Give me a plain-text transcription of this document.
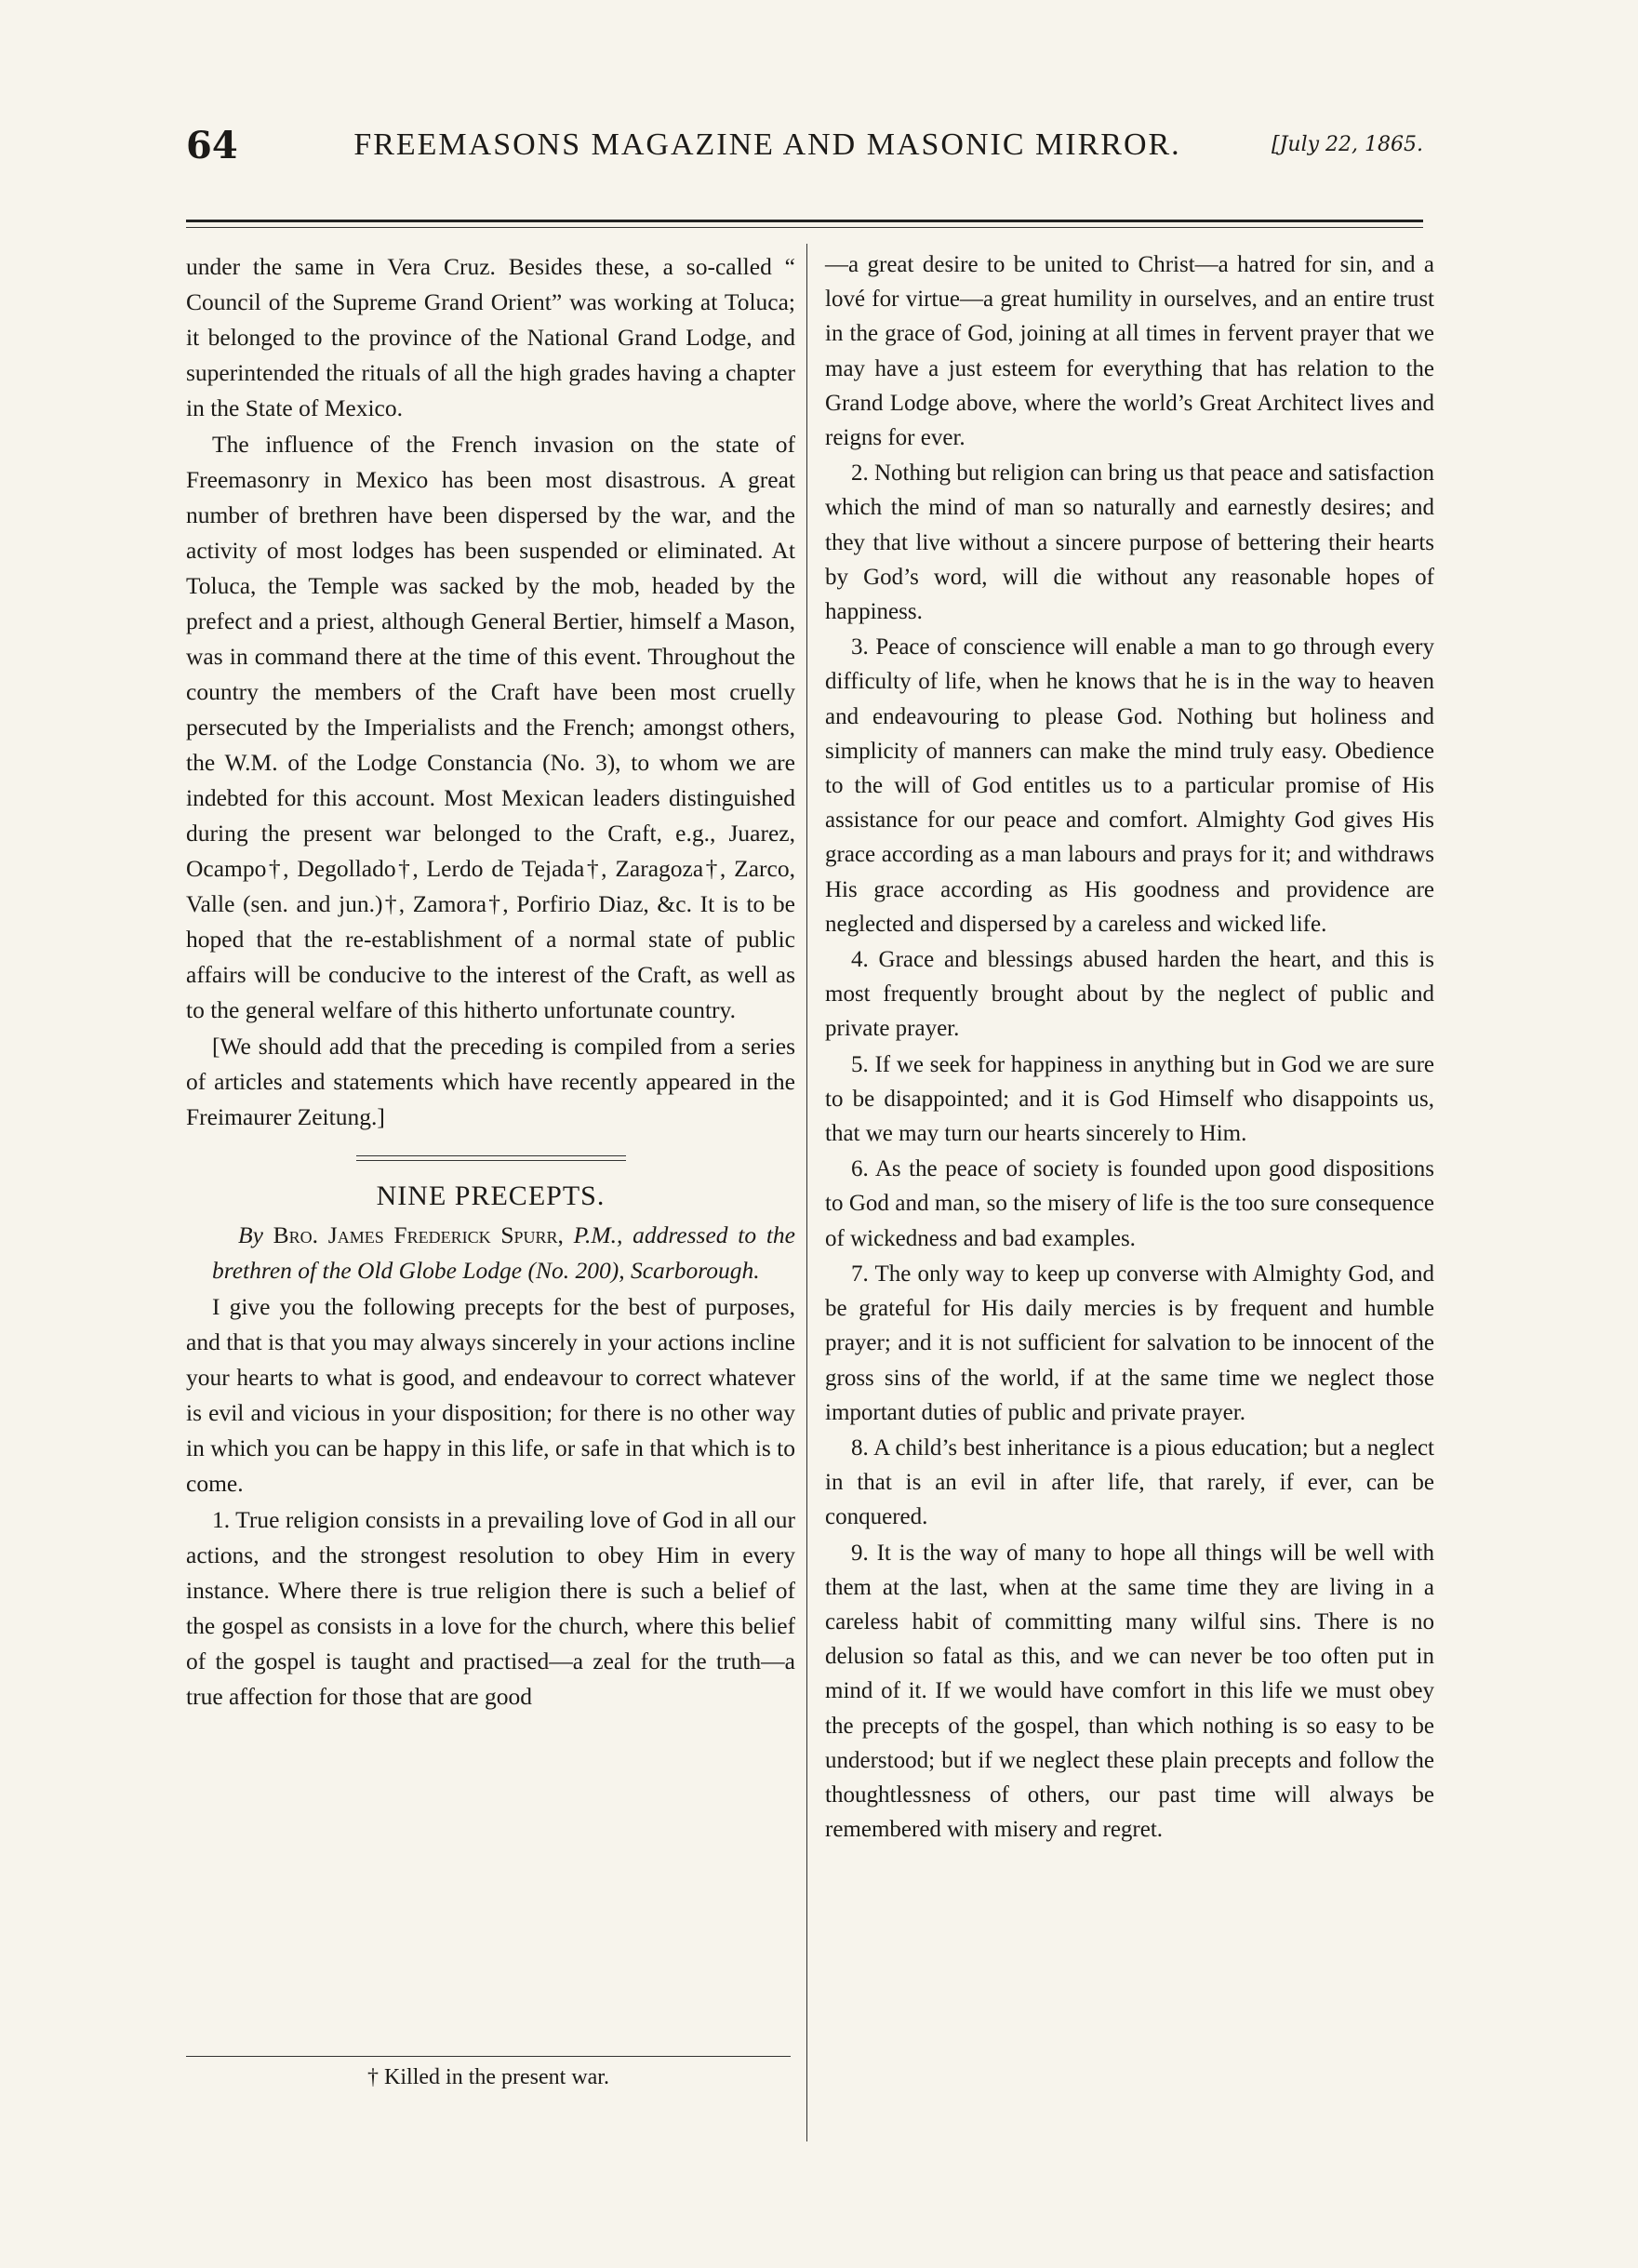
64	FREEMASONS MAGAZINE AND MASONIC MIRROR.	[July 22, 1865.

under the same in Vera Cruz. Besides these, a so-called “ Council of the Supreme Grand Orient” was working at Toluca; it belonged to the province of the National Grand Lodge, and superintended the rituals of all the high grades having a chapter in the State of Mexico.

The influence of the French invasion on the state of Freemasonry in Mexico has been most disastrous. A great number of brethren have been dispersed by the war, and the activity of most lodges has been suspended or eliminated. At Toluca, the Temple was sacked by the mob, headed by the prefect and a priest, although General Bertier, himself a Mason, was in command there at the time of this event. Throughout the country the members of the Craft have been most cruelly persecuted by the Imperialists and the French; amongst others, the W.M. of the Lodge Constancia (No. 3), to whom we are indebted for this account. Most Mexican leaders distinguished during the present war belonged to the Craft, e.g., Juarez, Ocampo†, Degollado†, Lerdo de Tejada†, Zaragoza†, Zarco, Valle (sen. and jun.)†, Zamora†, Porfirio Diaz, &c. It is to be hoped that the re-establishment of a normal state of public affairs will be conducive to the interest of the Craft, as well as to the general welfare of this hitherto unfortunate country.

[We should add that the preceding is compiled from a series of articles and statements which have recently appeared in the Freimaurer Zeitung.]

NINE PRECEPTS.

By Bro. James Frederick Spurr, P.M., addressed to the brethren of the Old Globe Lodge (No. 200), Scarborough.

I give you the following precepts for the best of purposes, and that is that you may always sincerely in your actions incline your hearts to what is good, and endeavour to correct whatever is evil and vicious in your disposition; for there is no other way in which you can be happy in this life, or safe in that which is to come.

1. True religion consists in a prevailing love of God in all our actions, and the strongest resolution to obey Him in every instance. Where there is true religion there is such a belief of the gospel as consists in a love for the church, where this belief of the gospel is taught and practised—a zeal for the truth—a true affection for those that are good

† Killed in the present war.

—a great desire to be united to Christ—a hatred for sin, and a lové for virtue—a great humility in ourselves, and an entire trust in the grace of God, joining at all times in fervent prayer that we may have a just esteem for everything that has relation to the Grand Lodge above, where the world’s Great Architect lives and reigns for ever.

2. Nothing but religion can bring us that peace and satisfaction which the mind of man so naturally and earnestly desires; and they that live without a sincere purpose of bettering their hearts by God’s word, will die without any reasonable hopes of happiness.

3. Peace of conscience will enable a man to go through every difficulty of life, when he knows that he is in the way to heaven and endeavouring to please God. Nothing but holiness and simplicity of manners can make the mind truly easy. Obedience to the will of God entitles us to a particular promise of His assistance for our peace and comfort. Almighty God gives His grace according as a man labours and prays for it; and withdraws His grace according as His goodness and providence are neglected and dispersed by a careless and wicked life.

4. Grace and blessings abused harden the heart, and this is most frequently brought about by the neglect of public and private prayer.

5. If we seek for happiness in anything but in God we are sure to be disappointed; and it is God Himself who disappoints us, that we may turn our hearts sincerely to Him.

6. As the peace of society is founded upon good dispositions to God and man, so the misery of life is the too sure consequence of wickedness and bad examples.

7. The only way to keep up converse with Almighty God, and be grateful for His daily mercies is by frequent and humble prayer; and it is not sufficient for salvation to be innocent of the gross sins of the world, if at the same time we neglect those important duties of public and private prayer.

8. A child’s best inheritance is a pious education; but a neglect in that is an evil in after life, that rarely, if ever, can be conquered.

9. It is the way of many to hope all things will be well with them at the last, when at the same time they are living in a careless habit of committing many wilful sins. There is no delusion so fatal as this, and we can never be too often put in mind of it. If we would have comfort in this life we must obey the precepts of the gospel, than which nothing is so easy to be understood; but if we neglect these plain precepts and follow the thoughtlessness of others, our past time will always be remembered with misery and regret.
